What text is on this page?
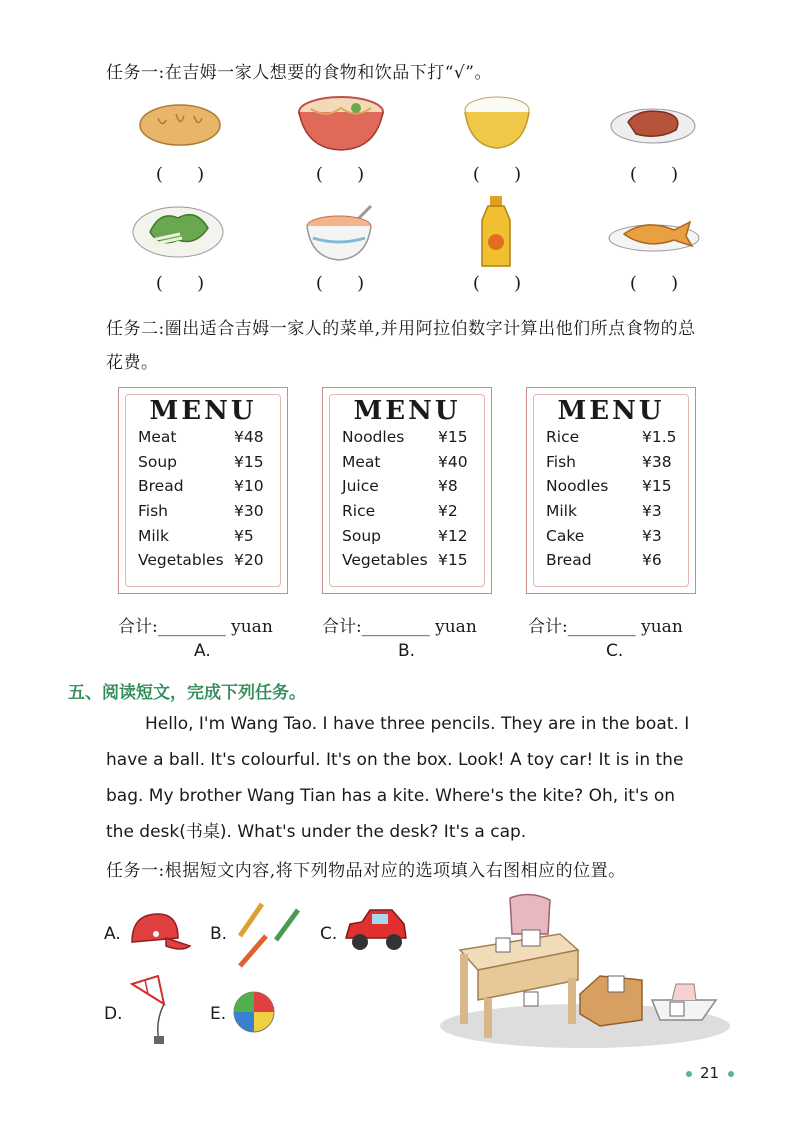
任务一:在吉姆一家人想要的食物和饮品下打“√”。
(      )	(      )	(      )	(      )
(      )	(      )	(      )	(      )
任务二:圈出适合吉姆一家人的菜单,并用阿拉伯数字计算出他们所点食物的总
花费。
MENU
Meat	¥48
Soup	¥15
Bread	¥10
Fish	¥30
Milk	¥5
Vegetables ¥20
MENU
Noodles	¥15
Meat	¥40
Juice	¥8
Rice	¥2
Soup	¥12
Vegetables ¥15
MENU
Rice	¥1.5
Fish	¥38
Noodles	¥15
Milk	¥3
Cake	¥3
Bread	¥6
合计:________ yuan	合计:________ yuan	合计:________ yuan
A.	B.	C.
五、阅读短文，完成下列任务。
Hello, I'm Wang Tao. I have three pencils. They are in the boat. I
have a ball. It's colourful. It's on the box. Look! A toy car! It is in the
bag. My brother Wang Tian has a kite. Where's the kite? Oh, it's on
the desk(书桌). What's under the desk? It's a cap.
任务一:根据短文内容,将下列物品对应的选项填入右图相应的位置。
A.	B.	C.
D.	E.
21
